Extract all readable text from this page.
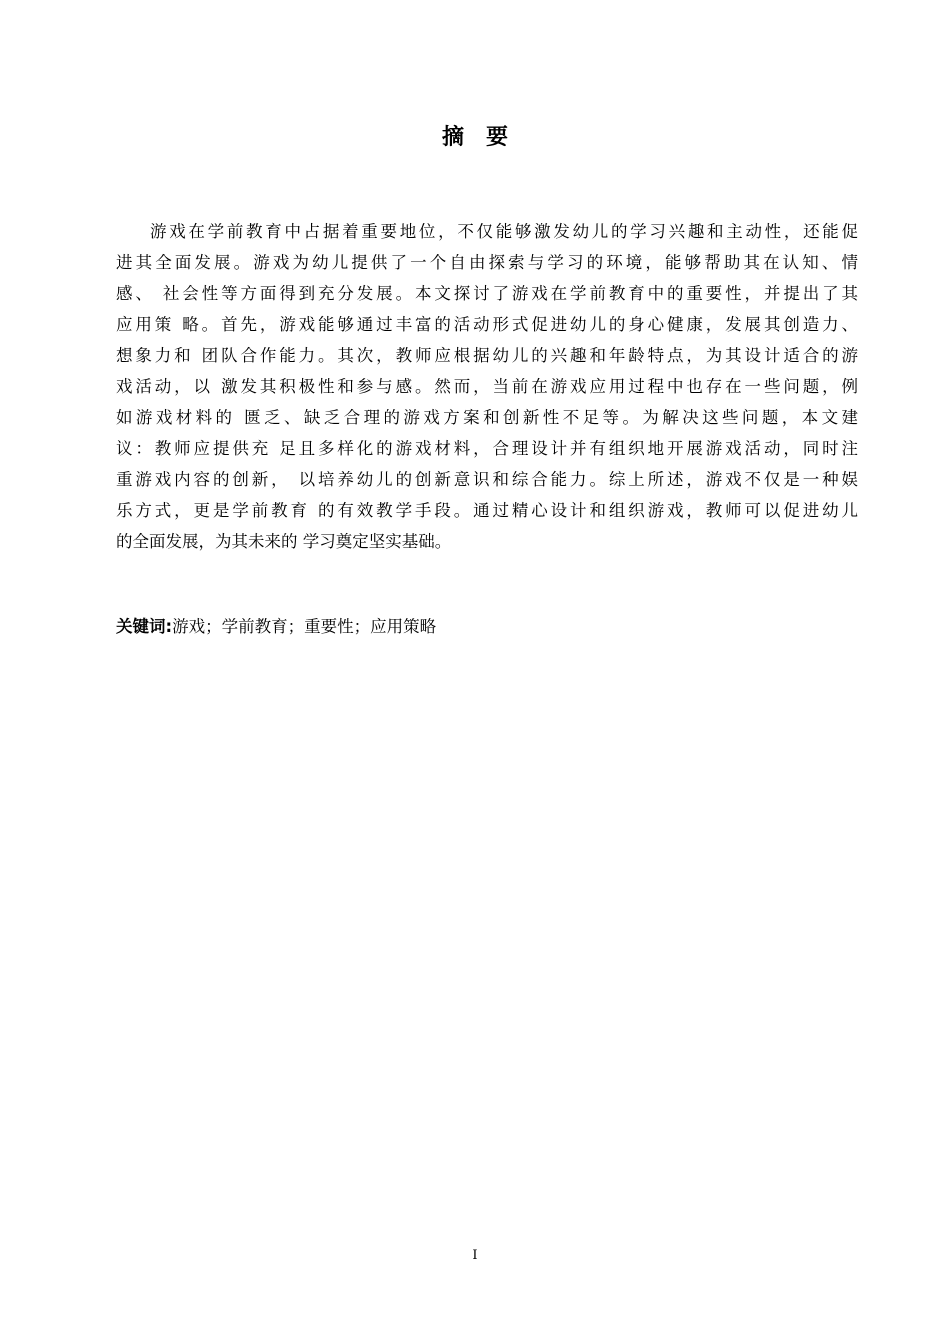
摘 要
游戏在学前教育中占据着重要地位，不仅能够激发幼儿的学习兴趣和主动性，还能促
进其全面发展。游戏为幼儿提供了一个自由探索与学习的环境，能够帮助其在认知、情
感、 社会性等方面得到充分发展。本文探讨了游戏在学前教育中的重要性，并提出了其
应用策 略。首先，游戏能够通过丰富的活动形式促进幼儿的身心健康，发展其创造力、
想象力和 团队合作能力。其次，教师应根据幼儿的兴趣和年龄特点，为其设计适合的游
戏活动，以 激发其积极性和参与感。然而，当前在游戏应用过程中也存在一些问题，例
如游戏材料的 匮乏、缺乏合理的游戏方案和创新性不足等。为解决这些问题，本文建
议：教师应提供充 足且多样化的游戏材料，合理设计并有组织地开展游戏活动，同时注
重游戏内容的创新， 以培养幼儿的创新意识和综合能力。综上所述，游戏不仅是一种娱
乐方式，更是学前教育 的有效教学手段。通过精心设计和组织游戏，教师可以促进幼儿
的全面发展，为其未来的 学习奠定坚实基础。
关键词:游戏；学前教育；重要性；应用策略
I
